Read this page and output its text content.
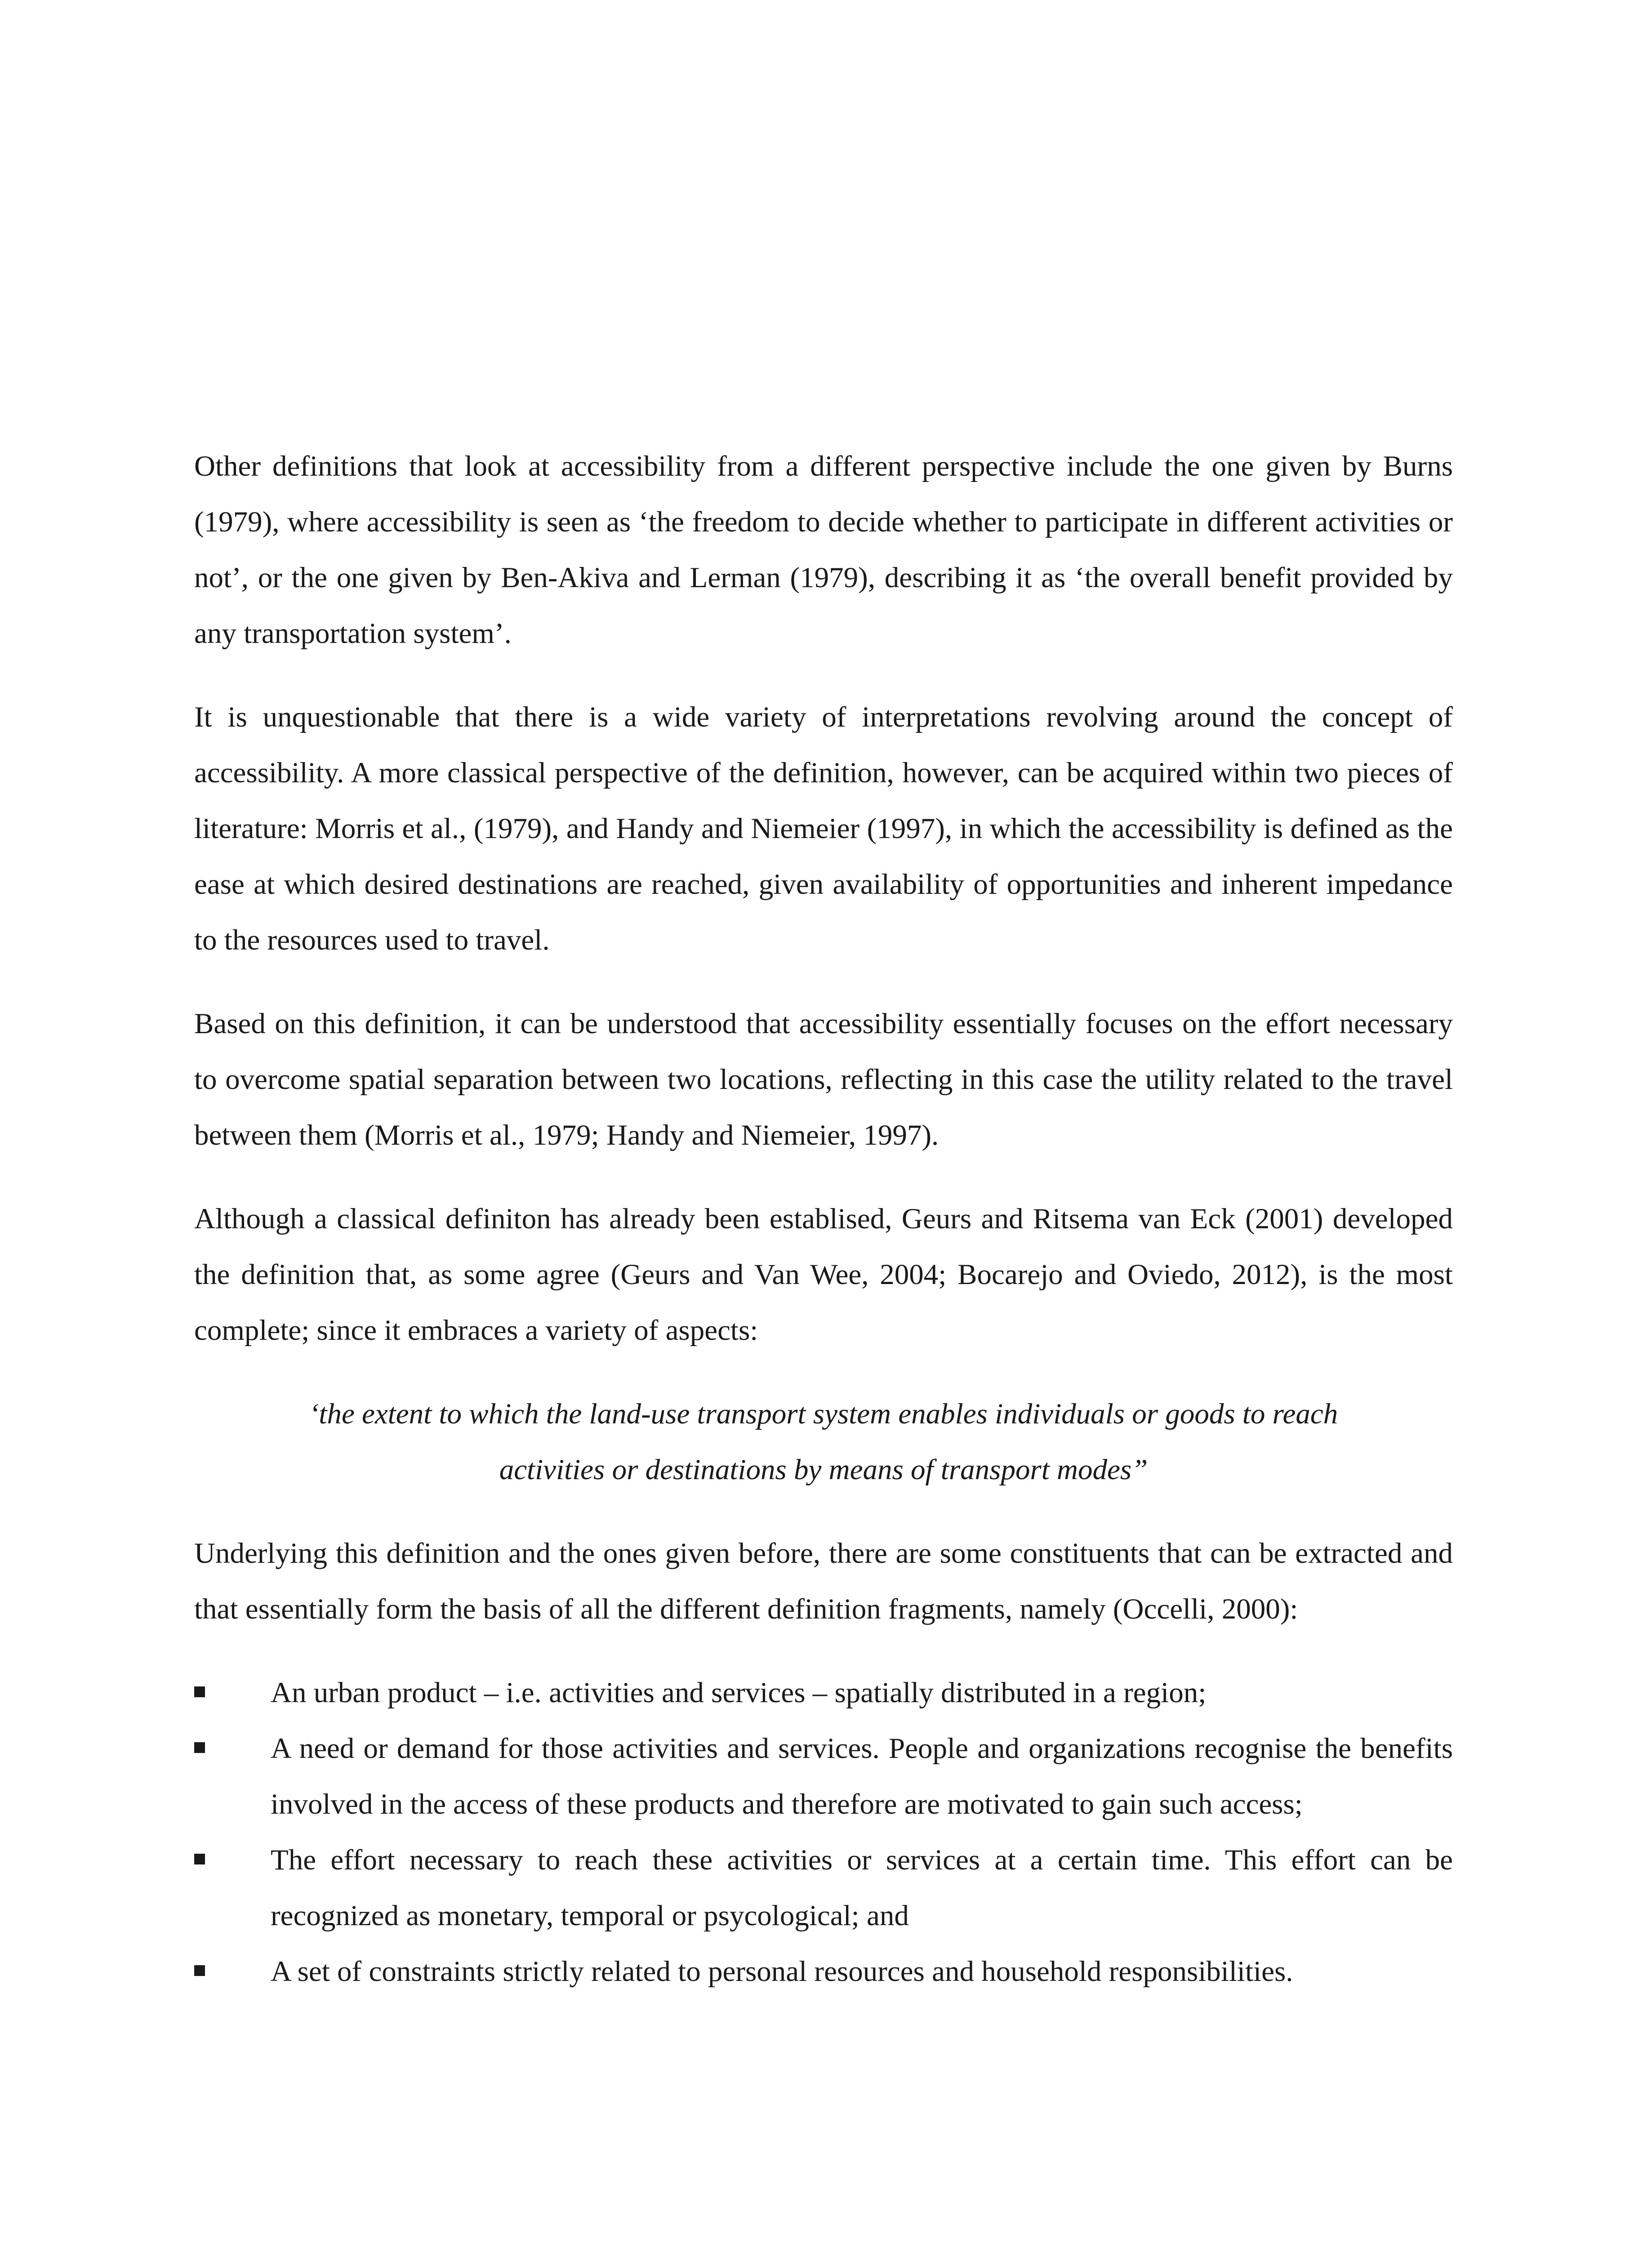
Other definitions that look at accessibility from a different perspective include the one given by Burns (1979), where accessibility is seen as ‘the freedom to decide whether to participate in different activities or not’, or the one given by Ben-Akiva and Lerman (1979), describing it as ‘the overall benefit provided by any transportation system’.

It is unquestionable that there is a wide variety of interpretations revolving around the concept of accessibility. A more classical perspective of the definition, however, can be acquired within two pieces of literature: Morris et al., (1979), and Handy and Niemeier (1997), in which the accessibility is defined as the ease at which desired destinations are reached, given availability of opportunities and inherent impedance to the resources used to travel.

Based on this definition, it can be understood that accessibility essentially focuses on the effort necessary to overcome spatial separation between two locations, reflecting in this case the utility related to the travel between them (Morris et al., 1979; Handy and Niemeier, 1997).

Although a classical definiton has already been establised, Geurs and Ritsema van Eck (2001) developed the definition that, as some agree (Geurs and Van Wee, 2004; Bocarejo and Oviedo, 2012), is the most complete; since it embraces a variety of aspects:

‘the extent to which the land-use transport system enables individuals or goods to reach activities or destinations by means of transport modes”

Underlying this definition and the ones given before, there are some constituents that can be extracted and that essentially form the basis of all the different definition fragments, namely (Occelli, 2000):

An urban product – i.e. activities and services – spatially distributed in a region;
A need or demand for those activities and services. People and organizations recognise the benefits involved in the access of these products and therefore are motivated to gain such access;
The effort necessary to reach these activities or services at a certain time. This effort can be recognized as monetary, temporal or psycological; and
A set of constraints strictly related to personal resources and household responsibilities.
